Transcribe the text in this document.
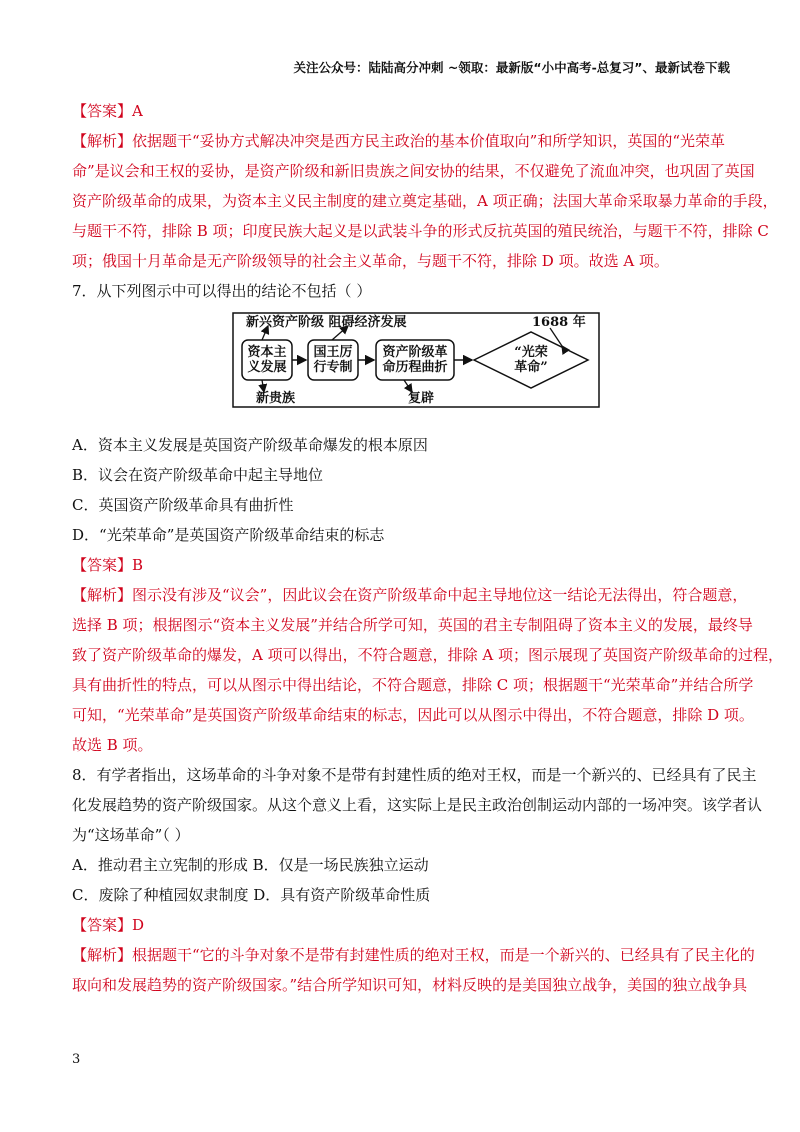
关注公众号：陆陆高分冲刺 ~领取：最新版“小中高考-总复习”、最新试卷下载
【答案】A
【解析】依据题干“妥协方式解决冲突是西方民主政治的基本价值取向”和所学知识，英国的“光荣革
命”是议会和王权的妥协，是资产阶级和新旧贵族之间安协的结果，不仅避免了流血冲突，也巩固了英国
资产阶级革命的成果，为资本主义民主制度的建立奠定基础，A 项正确；法国大革命采取暴力革命的手段，
与题干不符，排除 B 项；印度民族大起义是以武装斗争的形式反抗英国的殖民统治，与题干不符，排除 C
项；俄国十月革命是无产阶级领导的社会主义革命，与题干不符，排除 D 项。故选 A 项。
7．从下列图示中可以得出的结论不包括（ ）
新兴资产阶级 阻碍经济发展	1688 年
资本主
义发展
国王厉
行专制
资产阶级革
命历程曲折
“光荣
革命”
新贵族	复辟
A．资本主义发展是英国资产阶级革命爆发的根本原因
B．议会在资产阶级革命中起主导地位
C．英国资产阶级革命具有曲折性
D．“光荣革命”是英国资产阶级革命结束的标志
【答案】B
【解析】图示没有涉及“议会”，因此议会在资产阶级革命中起主导地位这一结论无法得出，符合题意，
选择 B 项；根据图示“资本主义发展”并结合所学可知，英国的君主专制阻碍了资本主义的发展，最终导
致了资产阶级革命的爆发，A 项可以得出，不符合题意，排除 A 项；图示展现了英国资产阶级革命的过程，
具有曲折性的特点，可以从图示中得出结论，不符合题意，排除 C 项；根据题干“光荣革命”并结合所学
可知，“光荣革命”是英国资产阶级革命结束的标志，因此可以从图示中得出，不符合题意，排除 D 项。
故选 B 项。
8．有学者指出，这场革命的斗争对象不是带有封建性质的绝对王权，而是一个新兴的、已经具有了民主
化发展趋势的资产阶级国家。从这个意义上看，这实际上是民主政治创制运动内部的一场冲突。该学者认
为“这场革命”（ ）
A．推动君主立宪制的形成 B．仅是一场民族独立运动
C．废除了种植园奴隶制度 D．具有资产阶级革命性质
【答案】D
【解析】根据题干“它的斗争对象不是带有封建性质的绝对王权，而是一个新兴的、已经具有了民主化的
取向和发展趋势的资产阶级国家。”结合所学知识可知，材料反映的是美国独立战争，美国的独立战争具
3
